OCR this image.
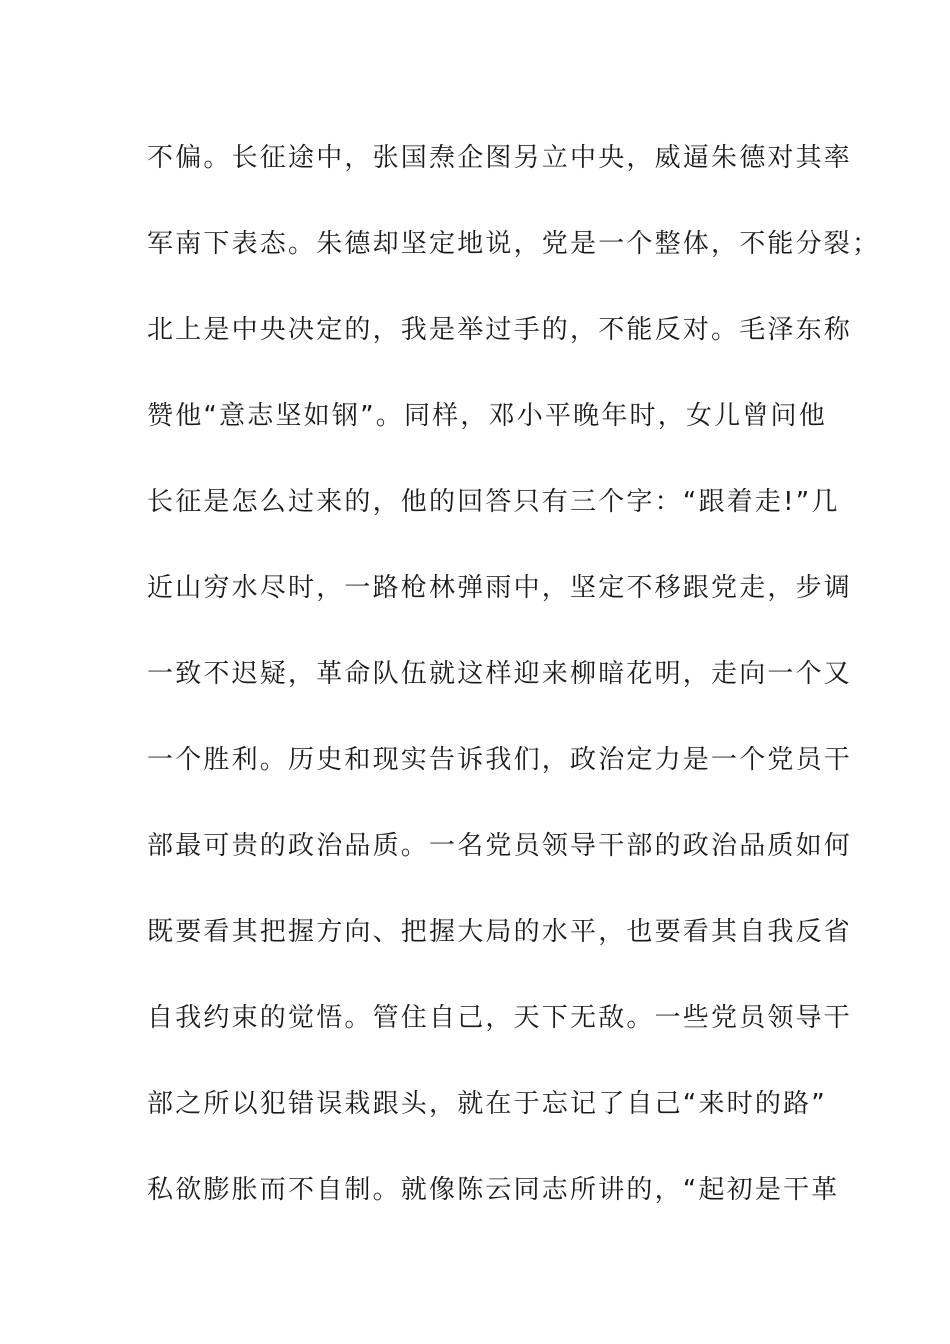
不偏。长征途中，张国焘企图另立中央，威逼朱德对其率
军南下表态。朱德却坚定地说，党是一个整体，不能分裂；
北上是中央决定的，我是举过手的，不能反对。毛泽东称
赞他“意志坚如钢”。同样，邓小平晚年时，女儿曾问他
长征是怎么过来的，他的回答只有三个字：“跟着走!”几
近山穷水尽时，一路枪林弹雨中，坚定不移跟党走，步调
一致不迟疑，革命队伍就这样迎来柳暗花明，走向一个又
一个胜利。历史和现实告诉我们，政治定力是一个党员干
部最可贵的政治品质。一名党员领导干部的政治品质如何
既要看其把握方向、把握大局的水平，也要看其自我反省
自我约束的觉悟。管住自己，天下无敌。一些党员领导干
部之所以犯错误栽跟头，就在于忘记了自己“来时的路”
私欲膨胀而不自制。就像陈云同志所讲的，“起初是干革
